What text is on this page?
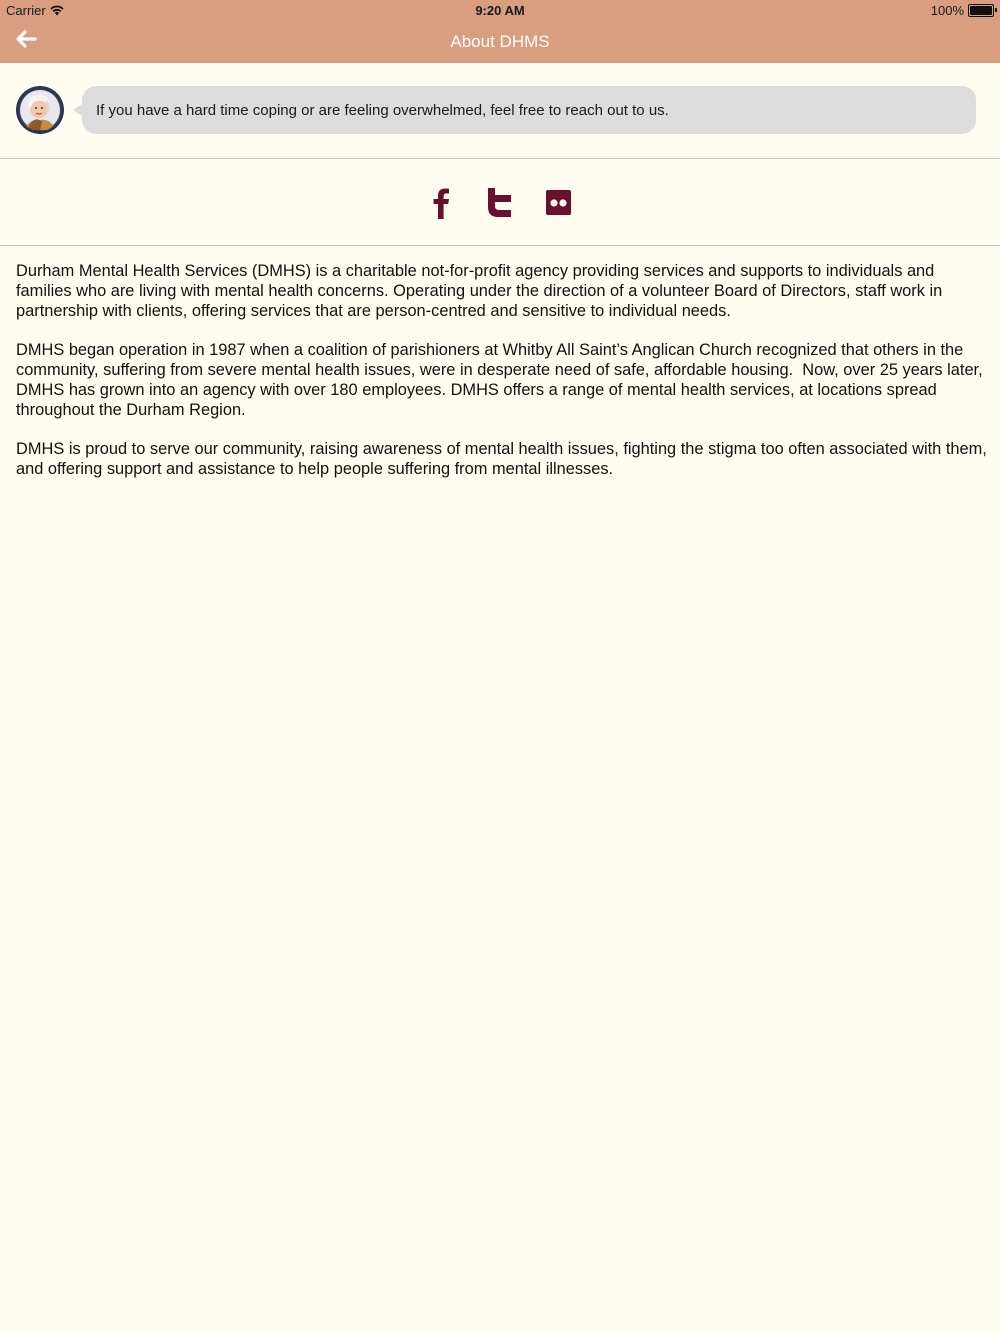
Carrier	9:20 AM	100%
About DHMS
If you have a hard time coping or are feeling overwhelmed, feel free to reach out to us.

Durham Mental Health Services (DMHS) is a charitable not-for-profit agency providing services and supports to individuals and families who are living with mental health concerns. Operating under the direction of a volunteer Board of Directors, staff work in partnership with clients, offering services that are person-centred and sensitive to individual needs.

DMHS began operation in 1987 when a coalition of parishioners at Whitby All Saint’s Anglican Church recognized that others in the community, suffering from severe mental health issues, were in desperate need of safe, affordable housing.  Now, over 25 years later, DMHS has grown into an agency with over 180 employees. DMHS offers a range of mental health services, at locations spread throughout the Durham Region.

DMHS is proud to serve our community, raising awareness of mental health issues, fighting the stigma too often associated with them, and offering support and assistance to help people suffering from mental illnesses.
